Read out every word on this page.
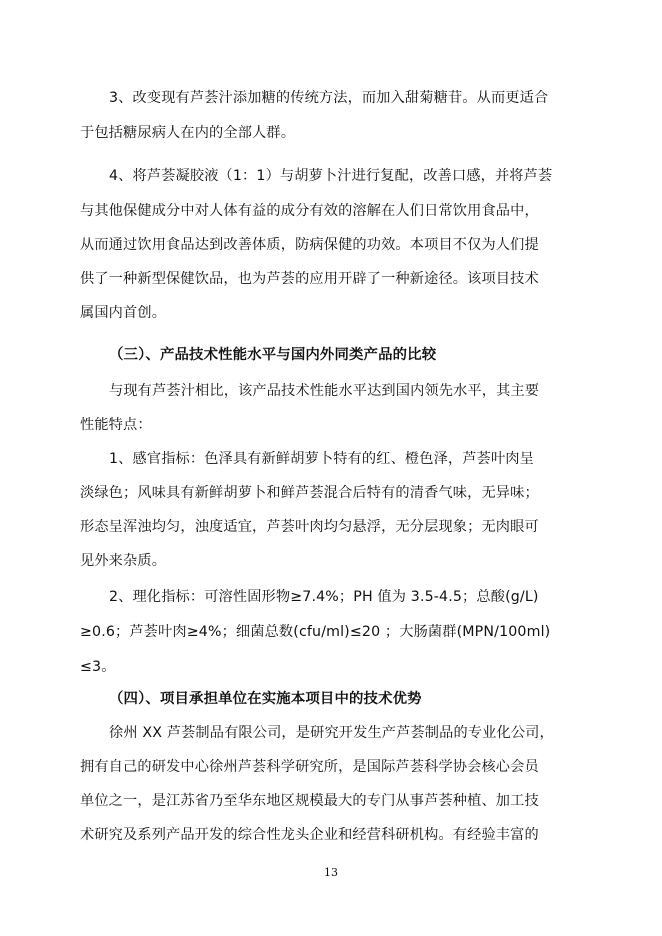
3、改变现有芦荟汁添加糖的传统方法，而加入甜菊糖苷。从而更适合
于包括糖尿病人在内的全部人群。
4、将芦荟凝胶液（1：1）与胡萝卜汁进行复配，改善口感，并将芦荟
与其他保健成分中对人体有益的成分有效的溶解在人们日常饮用食品中，
从而通过饮用食品达到改善体质，防病保健的功效。本项目不仅为人们提
供了一种新型保健饮品，也为芦荟的应用开辟了一种新途径。该项目技术
属国内首创。
（三）、产品技术性能水平与国内外同类产品的比较
与现有芦荟汁相比，该产品技术性能水平达到国内领先水平，其主要
性能特点：
1、感官指标：色泽具有新鲜胡萝卜特有的红、橙色泽，芦荟叶肉呈
淡绿色；风味具有新鲜胡萝卜和鲜芦荟混合后特有的清香气味，无异味；
形态呈浑浊均匀，浊度适宜，芦荟叶肉均匀悬浮，无分层现象；无肉眼可
见外来杂质。
2、理化指标：可溶性固形物≥7.4%；PH 值为 3.5-4.5；总酸(g/L)
≥0.6；芦荟叶肉≥4%；细菌总数(cfu/ml)≤20 ；大肠菌群(MPN/100ml)
≤3。
（四）、项目承担单位在实施本项目中的技术优势
徐州 XX 芦荟制品有限公司，是研究开发生产芦荟制品的专业化公司，
拥有自己的研发中心徐州芦荟科学研究所，是国际芦荟科学协会核心会员
单位之一，是江苏省乃至华东地区规模最大的专门从事芦荟种植、加工技
术研究及系列产品开发的综合性龙头企业和经营科研机构。有经验丰富的
13
